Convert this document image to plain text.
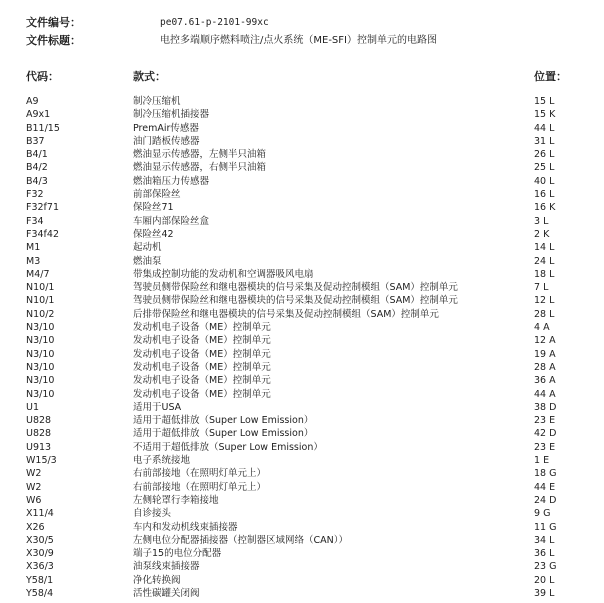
文件编号：	pe07.61-p-2101-99xc
文件标题：	电控多端顺序燃料喷注/点火系统（ME-SFI）控制单元的电路图
代码：	款式：	位置：
A9	制冷压缩机	15 L
A9x1	制冷压缩机插接器	15 K
B11/15	PremAir传感器	44 L
B37	油门踏板传感器	31 L
B4/1	燃油显示传感器，左侧半只油箱	26 L
B4/2	燃油显示传感器，右侧半只油箱	25 L
B4/3	燃油箱压力传感器	40 L
F32	前部保险丝	16 L
F32f71	保险丝71	16 K
F34	车厢内部保险丝盒	3 L
F34f42	保险丝42	2 K
M1	起动机	14 L
M3	燃油泵	24 L
M4/7	带集成控制功能的发动机和空调器吸风电扇	18 L
N10/1	驾驶员侧带保险丝和继电器模块的信号采集及促动控制模组（SAM）控制单元	7 L
N10/1	驾驶员侧带保险丝和继电器模块的信号采集及促动控制模组（SAM）控制单元	12 L
N10/2	后排带保险丝和继电器模块的信号采集及促动控制模组（SAM）控制单元	28 L
N3/10	发动机电子设备（ME）控制单元	4 A
N3/10	发动机电子设备（ME）控制单元	12 A
N3/10	发动机电子设备（ME）控制单元	19 A
N3/10	发动机电子设备（ME）控制单元	28 A
N3/10	发动机电子设备（ME）控制单元	36 A
N3/10	发动机电子设备（ME）控制单元	44 A
U1	适用于USA	38 D
U828	适用于超低排放（Super Low Emission）	23 E
U828	适用于超低排放（Super Low Emission）	42 D
U913	不适用于超低排放（Super Low Emission）	23 E
W15/3	电子系统接地	1 E
W2	右前部接地（在照明灯单元上）	18 G
W2	右前部接地（在照明灯单元上）	44 E
W6	左侧轮罩行李箱接地	24 D
X11/4	自诊接头	9 G
X26	车内和发动机线束插接器	11 G
X30/5	左侧电位分配器插接器（控制器区域网络（CAN））	34 L
X30/9	端子15的电位分配器	36 L
X36/3	油泵线束插接器	23 G
Y58/1	净化转换阀	20 L
Y58/4	活性碳罐关闭阀	39 L
